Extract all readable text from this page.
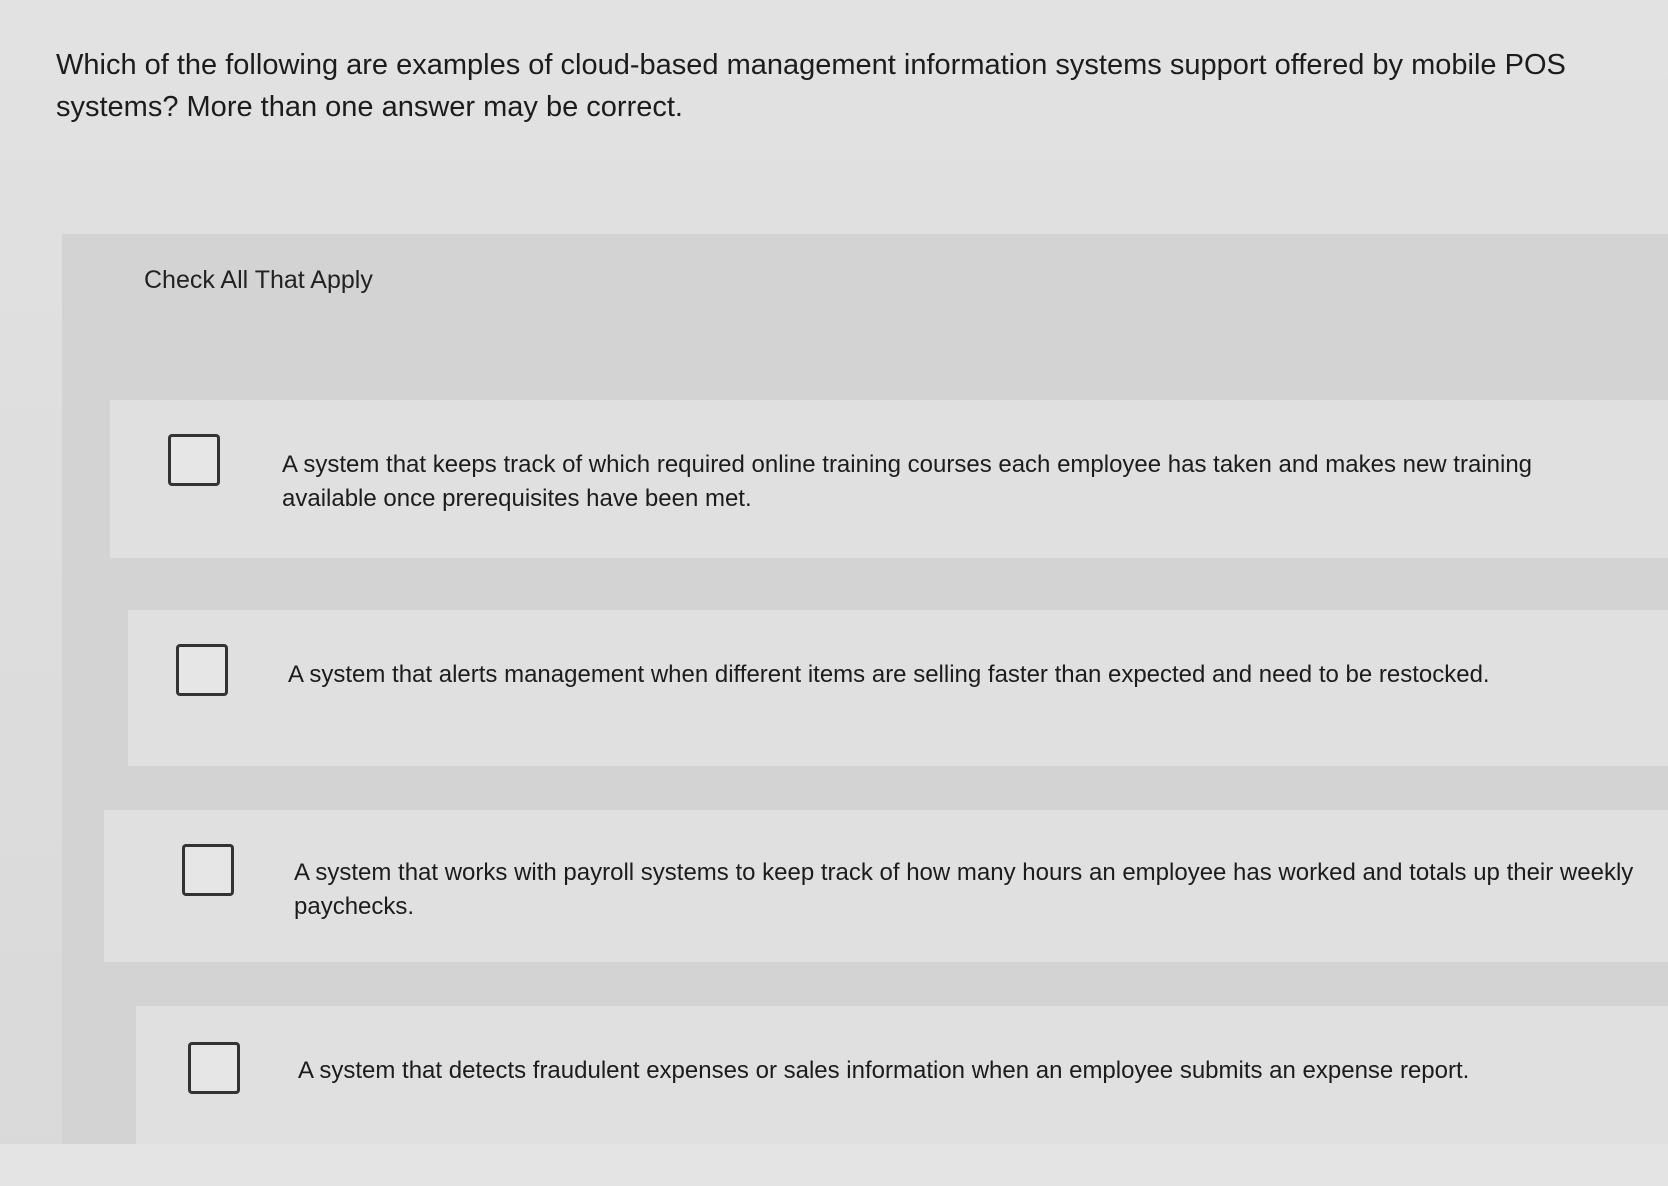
Which of the following are examples of cloud-based management information systems support offered by mobile POS systems? More than one answer may be correct.
Check All That Apply
A system that keeps track of which required online training courses each employee has taken and makes new training available once prerequisites have been met.
A system that alerts management when different items are selling faster than expected and need to be restocked.
A system that works with payroll systems to keep track of how many hours an employee has worked and totals up their weekly paychecks.
A system that detects fraudulent expenses or sales information when an employee submits an expense report.
